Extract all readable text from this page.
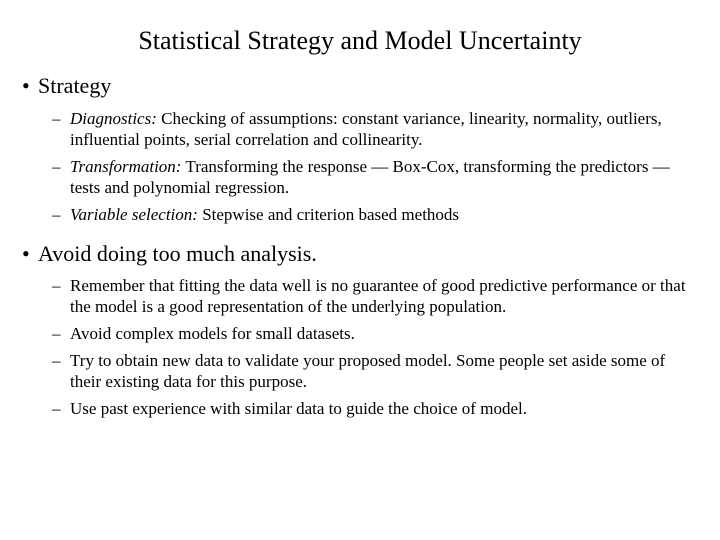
Statistical Strategy and Model Uncertainty
• Strategy
– Diagnostics: Checking of assumptions: constant variance, linearity, normality, outliers, influential points, serial correlation and collinearity.
– Transformation: Transforming the response — Box-Cox, transforming the predictors — tests and polynomial regression.
– Variable selection: Stepwise and criterion based methods
• Avoid doing too much analysis.
– Remember that fitting the data well is no guarantee of good predictive performance or that the model is a good representation of the underlying population.
– Avoid complex models for small datasets.
– Try to obtain new data to validate your proposed model. Some people set aside some of their existing data for this purpose.
– Use past experience with similar data to guide the choice of model.
